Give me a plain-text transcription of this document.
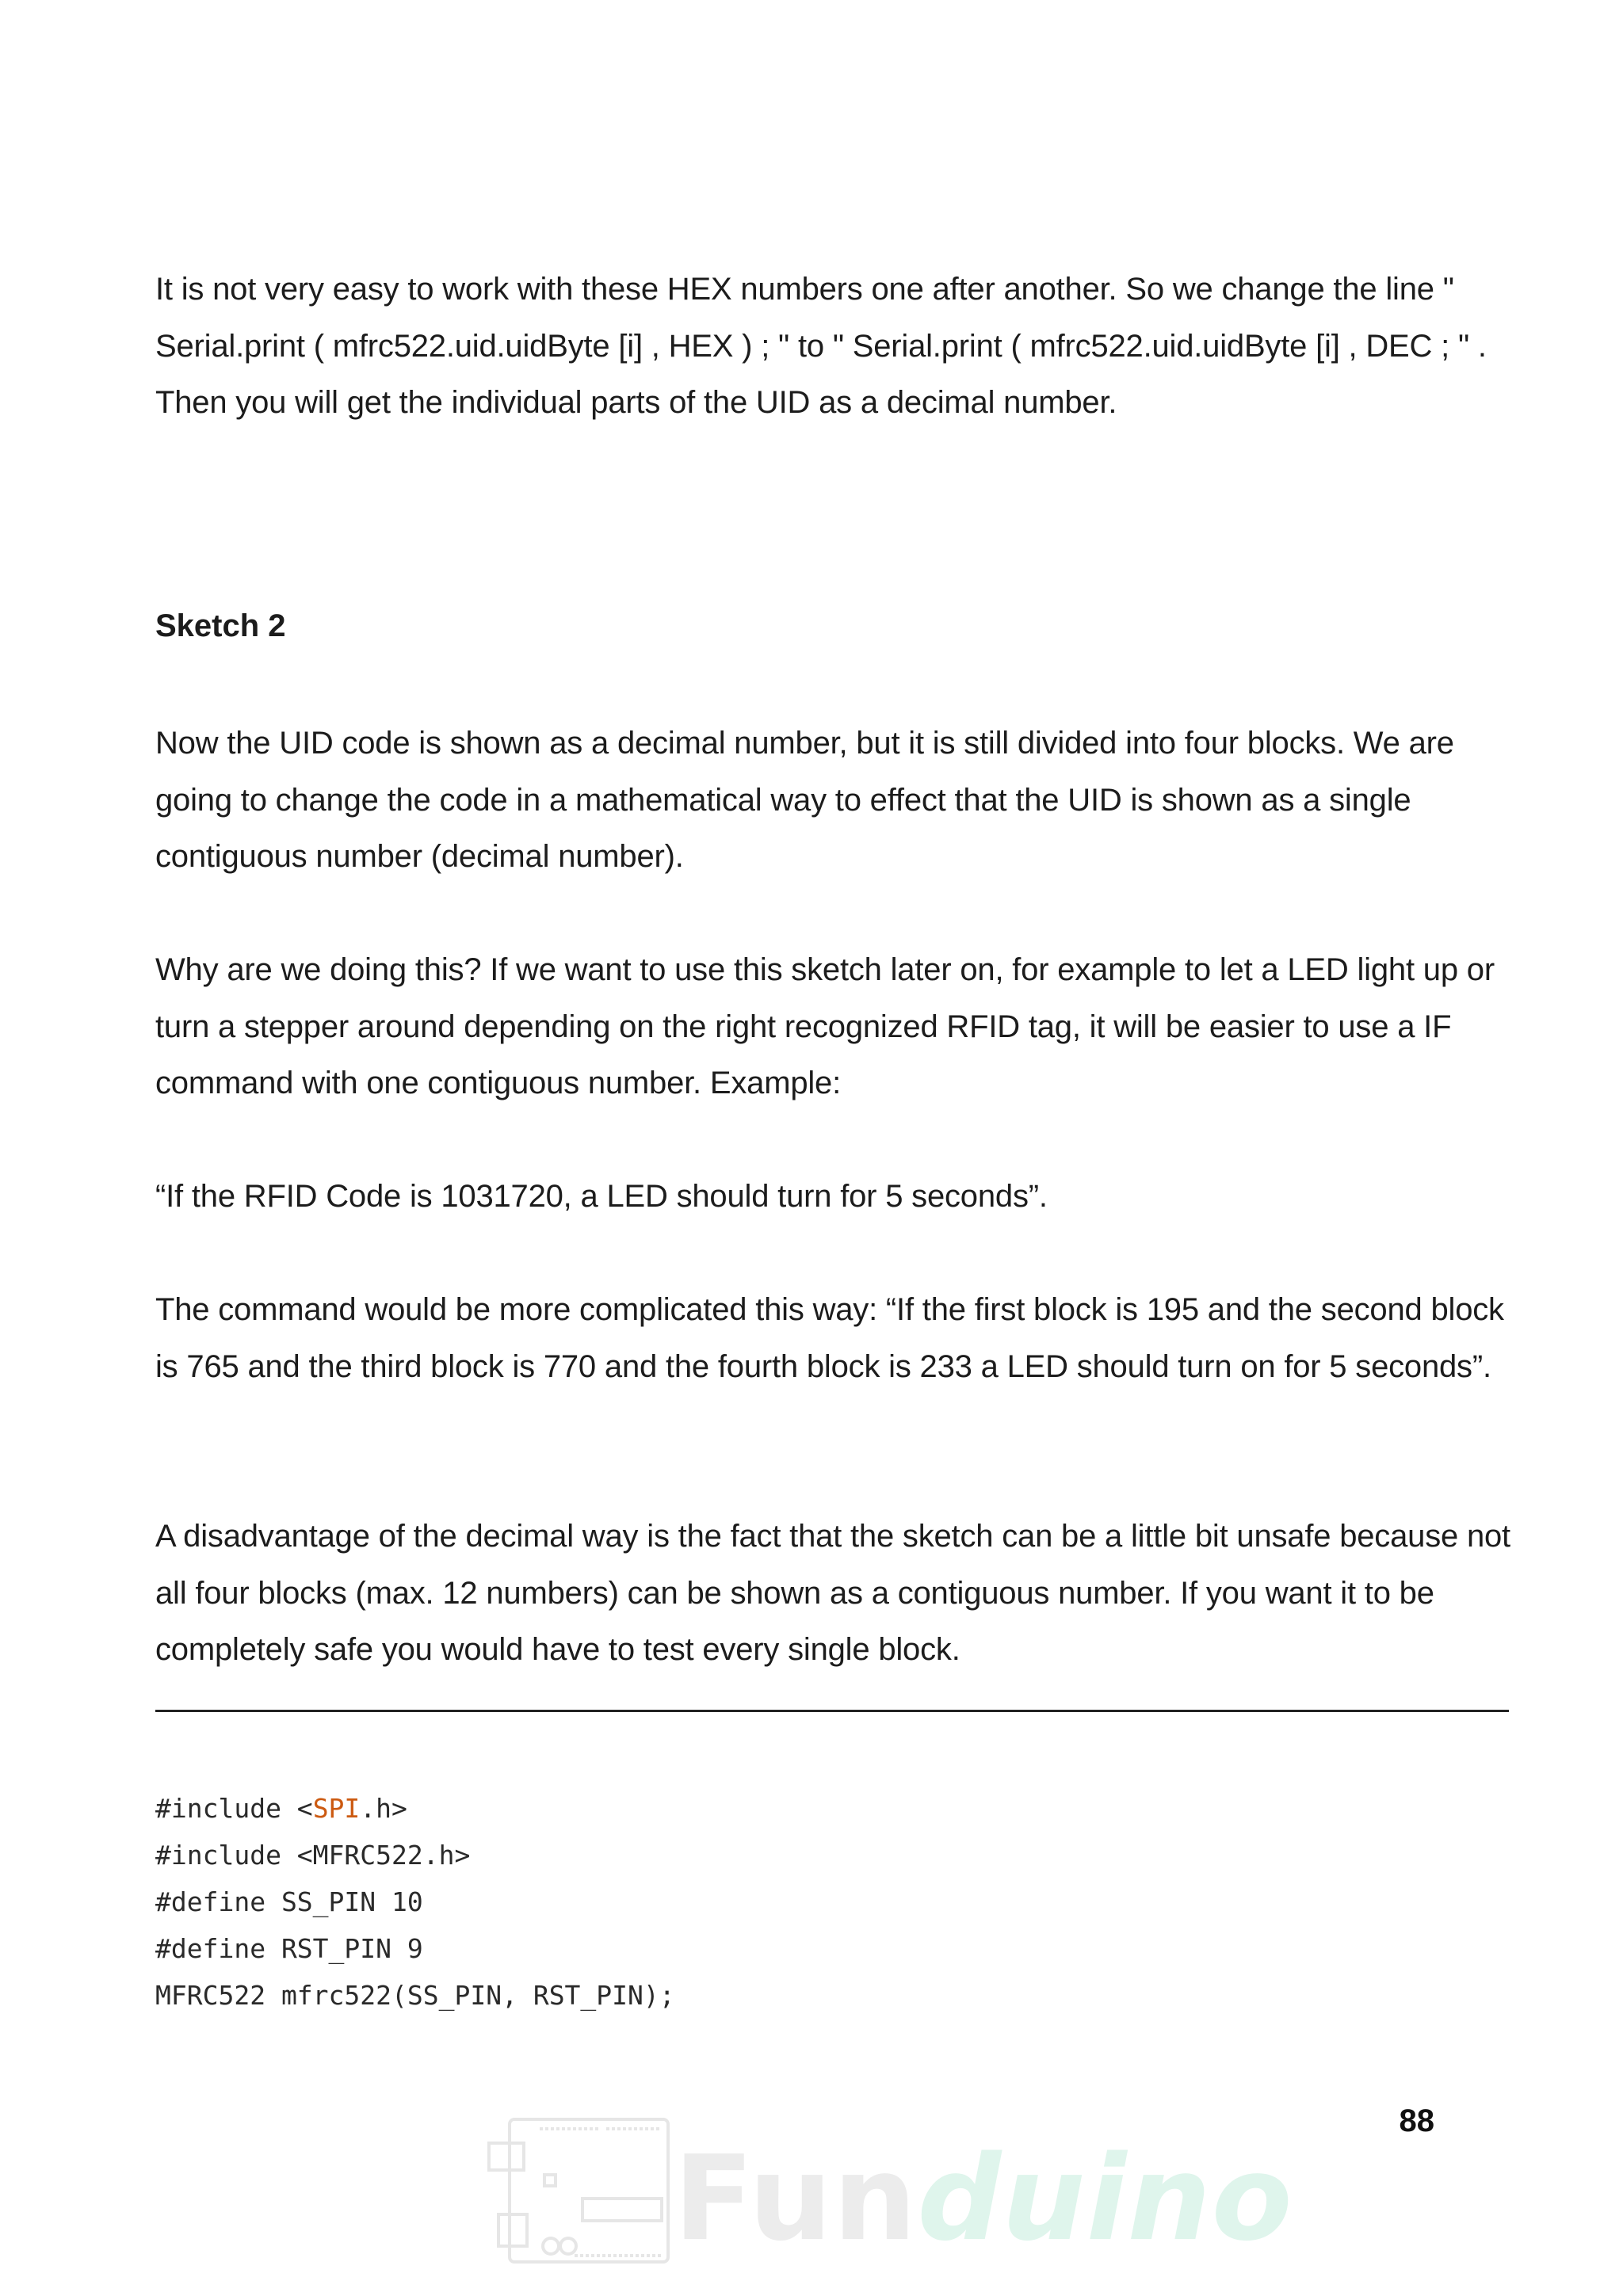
It is not very easy to work with these HEX numbers one after another. So we change the line " Serial.print ( mfrc522.uid.uidByte [i] , HEX ) ; " to " Serial.print ( mfrc522.uid.uidByte [i] , DEC ; " . Then you will get the individual parts of the UID as a decimal number.

Sketch 2

Now the UID code is shown as a decimal number, but it is still divided into four blocks. We are going to change the code in a mathematical way to effect that the UID is shown as a single contiguous number (decimal number).

Why are we doing this? If we want to use this sketch later on, for example to let a LED light up or turn a stepper around depending on the right recognized RFID tag, it will be easier to use a IF command with one contiguous number. Example:

“If the RFID Code is 1031720, a LED should turn for 5 seconds”.

The command would be more complicated this way: “If the first block is 195 and the second block is 765 and the third block is 770 and the fourth block is 233 a LED should turn on for 5 seconds”.

A disadvantage of the decimal way is the fact that the sketch can be a little bit unsafe because not all four blocks (max. 12 numbers) can be shown as a contiguous number. If you want it to be completely safe you would have to test every single block.

#include <SPI.h>
#include <MFRC522.h>
#define SS_PIN 10
#define RST_PIN 9
MFRC522 mfrc522(SS_PIN, RST_PIN);
88
Funduino
